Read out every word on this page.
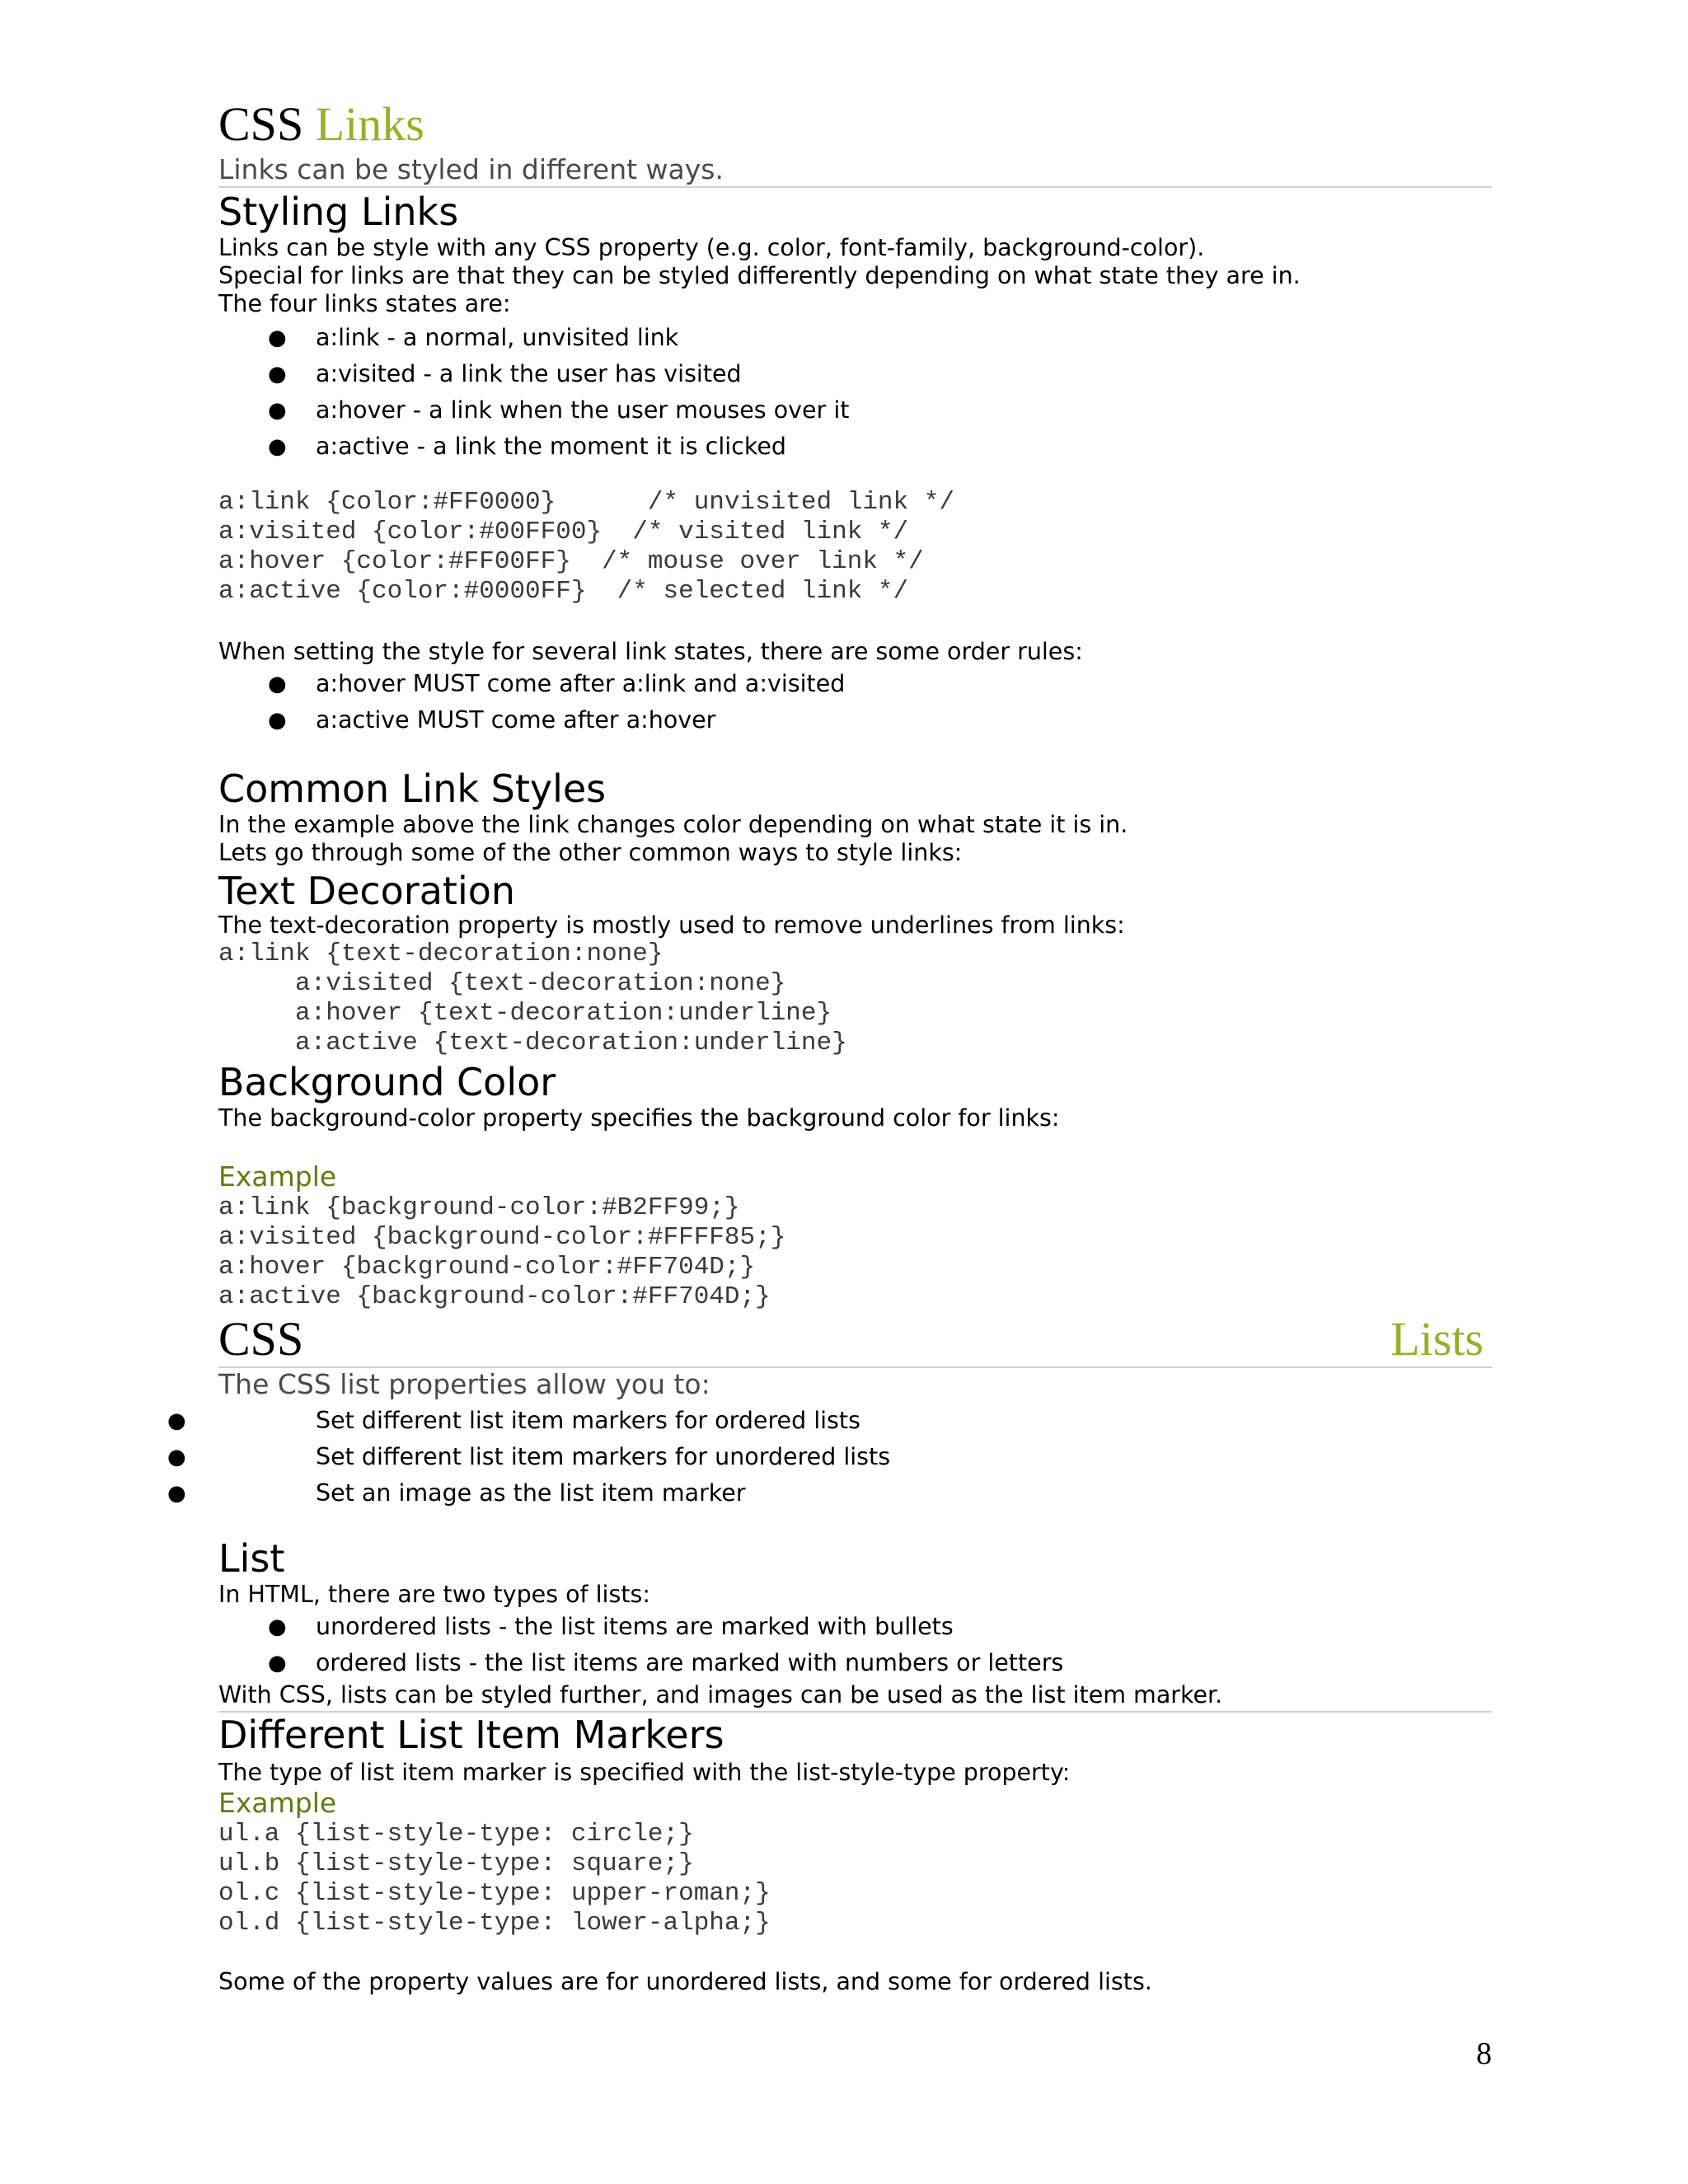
CSS Links
Links can be styled in different ways.
Styling Links
Links can be style with any CSS property (e.g. color, font-family, background-color).
Special for links are that they can be styled differently depending on what state they are in.
The four links states are:
● a:link - a normal, unvisited link
● a:visited - a link the user has visited
● a:hover - a link when the user mouses over it
● a:active - a link the moment it is clicked
a:link {color:#FF0000}      /* unvisited link */
a:visited {color:#00FF00}  /* visited link */
a:hover {color:#FF00FF}  /* mouse over link */
a:active {color:#0000FF}  /* selected link */
When setting the style for several link states, there are some order rules:
● a:hover MUST come after a:link and a:visited
● a:active MUST come after a:hover
Common Link Styles
In the example above the link changes color depending on what state it is in.
Lets go through some of the other common ways to style links:
Text Decoration
The text-decoration property is mostly used to remove underlines from links:
a:link {text-decoration:none}
a:visited {text-decoration:none}
a:hover {text-decoration:underline}
a:active {text-decoration:underline}
Background Color
The background-color property specifies the background color for links:
Example
a:link {background-color:#B2FF99;}
a:visited {background-color:#FFFF85;}
a:hover {background-color:#FF704D;}
a:active {background-color:#FF704D;}
CSS	Lists
The CSS list properties allow you to:
●	Set different list item markers for ordered lists
●	Set different list item markers for unordered lists
●	Set an image as the list item marker
List
In HTML, there are two types of lists:
● unordered lists - the list items are marked with bullets
● ordered lists - the list items are marked with numbers or letters
With CSS, lists can be styled further, and images can be used as the list item marker.
Different List Item Markers
The type of list item marker is specified with the list-style-type property:
Example
ul.a {list-style-type: circle;}
ul.b {list-style-type: square;}
ol.c {list-style-type: upper-roman;}
ol.d {list-style-type: lower-alpha;}
Some of the property values are for unordered lists, and some for ordered lists.
8
